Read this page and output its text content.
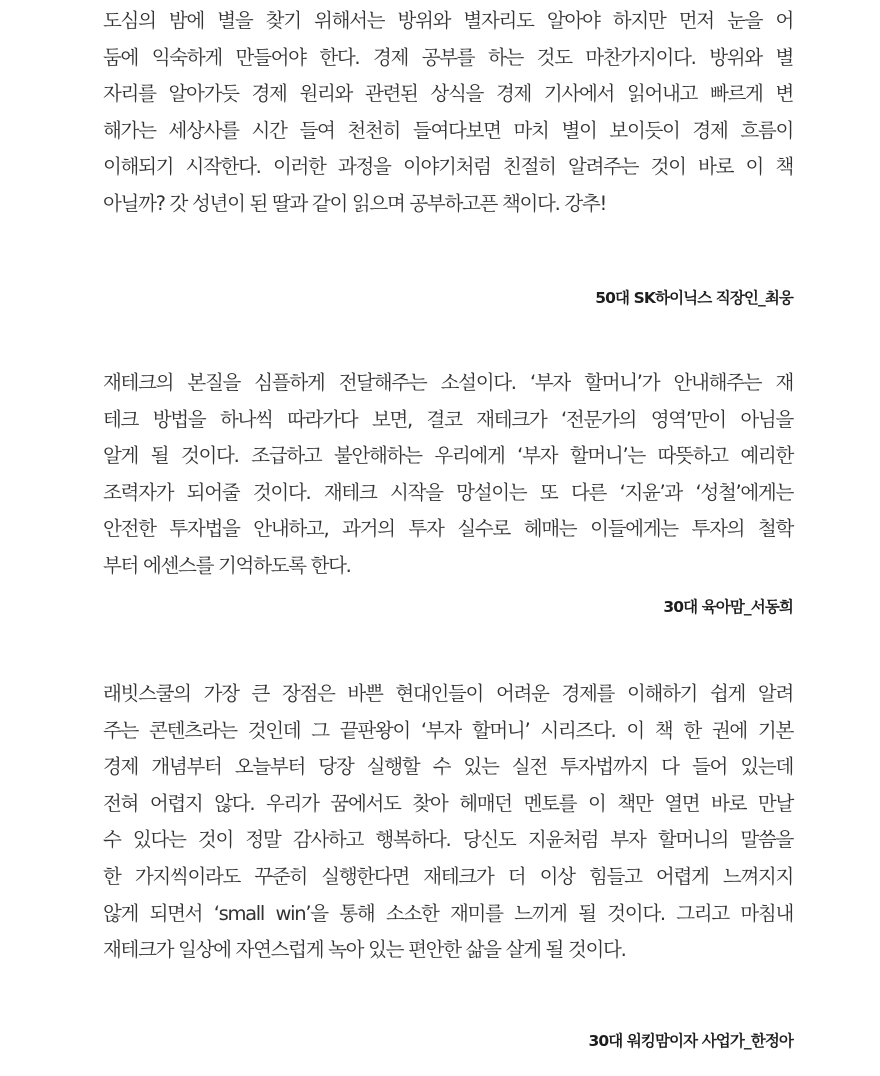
도심의 밤에 별을 찾기 위해서는 방위와 별자리도 알아야 하지만 먼저 눈을 어
둠에 익숙하게 만들어야 한다. 경제 공부를 하는 것도 마찬가지이다. 방위와 별
자리를 알아가듯 경제 원리와 관련된 상식을 경제 기사에서 읽어내고 빠르게 변
해가는 세상사를 시간 들여 천천히 들여다보면 마치 별이 보이듯이 경제 흐름이
이해되기 시작한다. 이러한 과정을 이야기처럼 친절히 알려주는 것이 바로 이 책
아닐까? 갓 성년이 된 딸과 같이 읽으며 공부하고픈 책이다. 강추!
50대 SK하이닉스 직장인_최웅
재테크의 본질을 심플하게 전달해주는 소설이다. ‘부자 할머니’가 안내해주는 재
테크 방법을 하나씩 따라가다 보면, 결코 재테크가 ‘전문가의 영역’만이 아님을
알게 될 것이다. 조급하고 불안해하는 우리에게 ‘부자 할머니’는 따뜻하고 예리한
조력자가 되어줄 것이다. 재테크 시작을 망설이는 또 다른 ‘지윤’과 ‘성철’에게는
안전한 투자법을 안내하고, 과거의 투자 실수로 헤매는 이들에게는 투자의 철학
부터 에센스를 기억하도록 한다.
30대 육아맘_서동희
래빗스쿨의 가장 큰 장점은 바쁜 현대인들이 어려운 경제를 이해하기 쉽게 알려
주는 콘텐츠라는 것인데 그 끝판왕이 ‘부자 할머니’ 시리즈다. 이 책 한 권에 기본
경제 개념부터 오늘부터 당장 실행할 수 있는 실전 투자법까지 다 들어 있는데
전혀 어렵지 않다. 우리가 꿈에서도 찾아 헤매던 멘토를 이 책만 열면 바로 만날
수 있다는 것이 정말 감사하고 행복하다. 당신도 지윤처럼 부자 할머니의 말씀을
한 가지씩이라도 꾸준히 실행한다면 재테크가 더 이상 힘들고 어렵게 느껴지지
않게 되면서 ‘small win’을 통해 소소한 재미를 느끼게 될 것이다. 그리고 마침내
재테크가 일상에 자연스럽게 녹아 있는 편안한 삶을 살게 될 것이다.
30대 워킹맘이자 사업가_한정아
